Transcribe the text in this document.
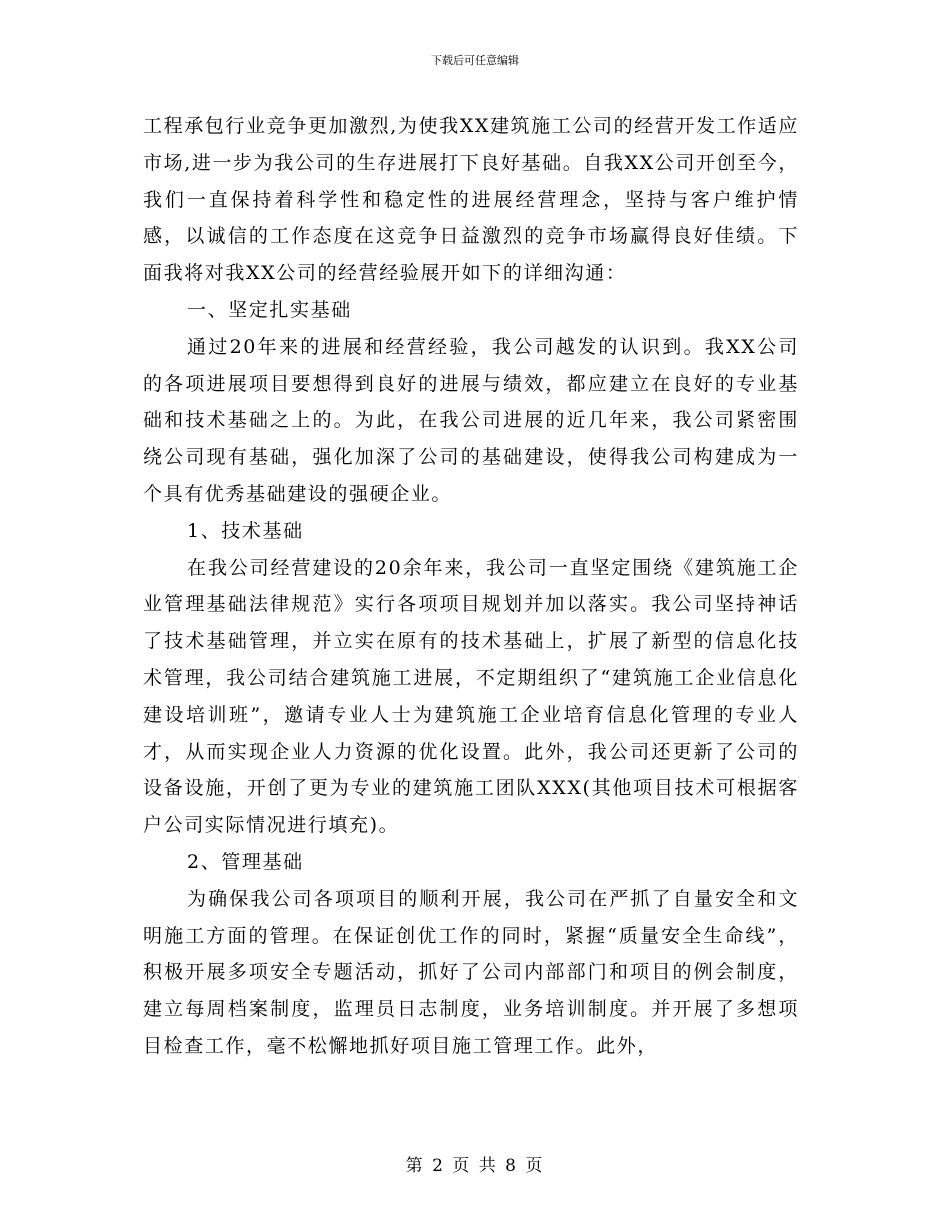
下载后可任意编辑

工程承包行业竞争更加激烈,为使我XX建筑施工公司的经营开发工作适应市场,进一步为我公司的生存进展打下良好基础。自我XX公司开创至今，我们一直保持着科学性和稳定性的进展经营理念，坚持与客户维护情感，以诚信的工作态度在这竞争日益激烈的竞争市场赢得良好佳绩。下面我将对我XX公司的经营经验展开如下的详细沟通：

一、坚定扎实基础

通过20年来的进展和经营经验，我公司越发的认识到。我XX公司的各项进展项目要想得到良好的进展与绩效，都应建立在良好的专业基础和技术基础之上的。为此，在我公司进展的近几年来，我公司紧密围绕公司现有基础，强化加深了公司的基础建设，使得我公司构建成为一个具有优秀基础建设的强硬企业。

1、技术基础

在我公司经营建设的20余年来，我公司一直坚定围绕《建筑施工企业管理基础法律规范》实行各项项目规划并加以落实。我公司坚持神话了技术基础管理，并立实在原有的技术基础上，扩展了新型的信息化技术管理，我公司结合建筑施工进展，不定期组织了“建筑施工企业信息化建设培训班”，邀请专业人士为建筑施工企业培育信息化管理的专业人才，从而实现企业人力资源的优化设置。此外，我公司还更新了公司的设备设施，开创了更为专业的建筑施工团队XXX(其他项目技术可根据客户公司实际情况进行填充)。

2、管理基础

为确保我公司各项项目的顺利开展，我公司在严抓了自量安全和文明施工方面的管理。在保证创优工作的同时，紧握“质量安全生命线”，积极开展多项安全专题活动，抓好了公司内部部门和项目的例会制度，建立每周档案制度，监理员日志制度，业务培训制度。并开展了多想项目检查工作，毫不松懈地抓好项目施工管理工作。此外，

第 2 页 共 8 页
